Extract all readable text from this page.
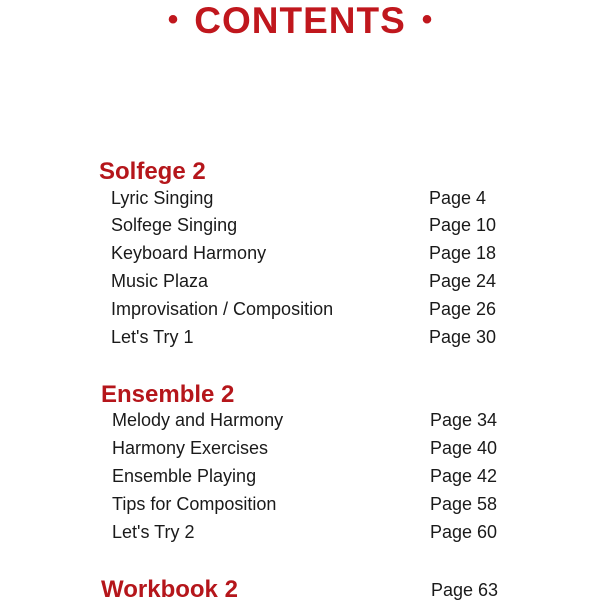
• CONTENTS •
Solfege 2
Lyric Singing	Page 4
Solfege Singing	Page 10
Keyboard Harmony	Page 18
Music Plaza	Page 24
Improvisation / Composition	Page 26
Let's Try 1	Page 30
Ensemble 2
Melody and Harmony	Page 34
Harmony Exercises	Page 40
Ensemble Playing	Page 42
Tips for Composition	Page 58
Let's Try 2	Page 60
Workbook 2	Page 63
